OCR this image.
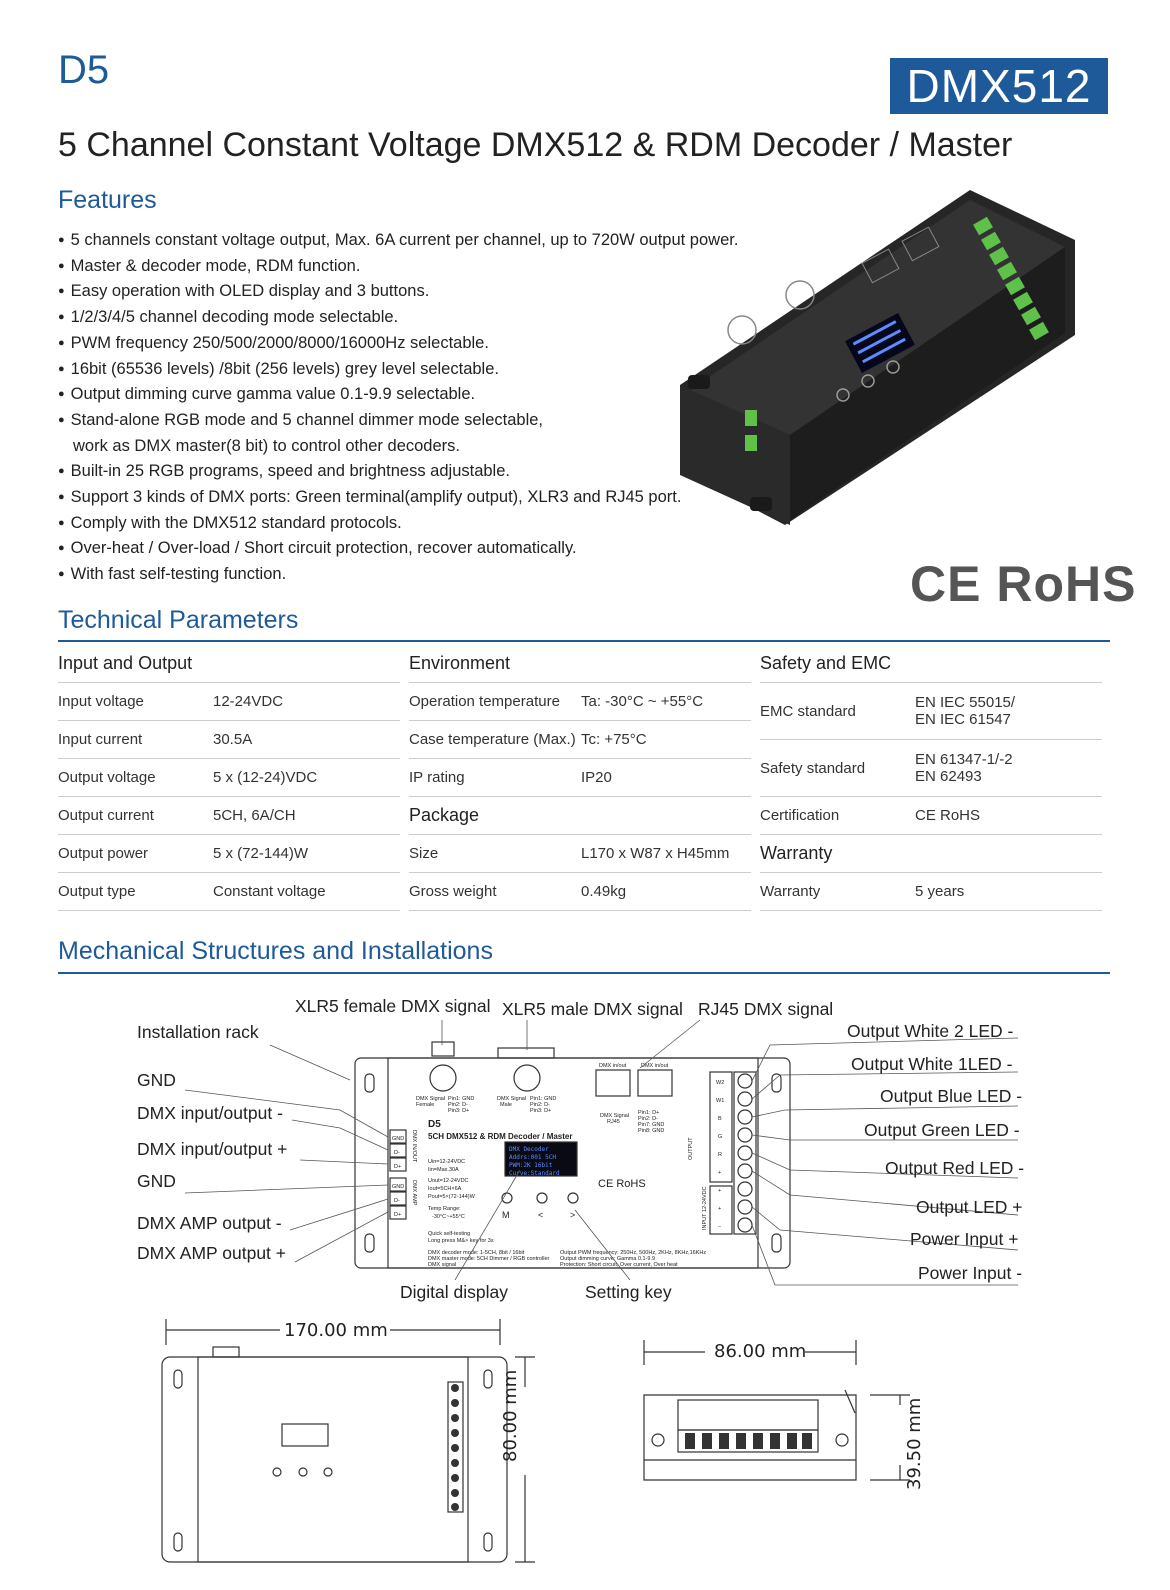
D5	DMX512
5 Channel Constant Voltage DMX512 & RDM Decoder / Master
Features
● 5 channels constant voltage output, Max. 6A current per channel, up to 720W output power.
● Master & decoder mode, RDM function.
● Easy operation with OLED display and 3 buttons.
● 1/2/3/4/5 channel decoding mode selectable.
● PWM frequency 250/500/2000/8000/16000Hz selectable.
● 16bit (65536 levels) /8bit (256 levels) grey level selectable.
● Output dimming curve gamma value 0.1-9.9 selectable.
● Stand-alone RGB mode and 5 channel dimmer mode selectable,
work as DMX master(8 bit) to control other decoders.
● Built-in 25 RGB programs, speed and brightness adjustable.
● Support 3 kinds of DMX ports: Green terminal(amplify output), XLR3 and RJ45 port.
● Comply with the DMX512 standard protocols.
● Over-heat / Over-load / Short circuit protection, recover automatically.
● With fast self-testing function.	CE RoHS
Technical Parameters
Input and Output
Input voltage	12-24VDC
Input current	30.5A
Output voltage	5 x (12-24)VDC
Output current	5CH, 6A/CH
Output power	5 x (72-144)W
Output type	Constant voltage
Environment
Operation temperature	Ta: -30°C ~ +55°C
Case temperature (Max.) Tc: +75°C
IP rating	IP20
Package
Size	L170 x W87 x H45mm
Gross weight	0.49kg
Safety and EMC
EMC standard	EN IEC 55015/
EN IEC 61547
Safety standard	EN 61347-1/-2
EN 62493
Certification	CE RoHS
Warranty
Warranty	5 years
Mechanical Structures and Installations
DMX Decoder
Addrs:001 5CH
PWM:2K 16bit
Curve:Standard
DMX Signal
Female
Pin1: GND
Pin2: D-
Pin3: D+
DMX Signal
Male
Pin1: GND
Pin2: D-
Pin3: D+
DMX Signal
RJ45
Pin1: D+
Pin2: D-
Pin7: GND
Pin8: GND
DMX in/out	DMX in/out
Uin=12-24VDC
Iin=Max.30A
Uout=12-24VDC
Iout=5CH×6A
Pout=5×(72-144)W
Temp Range:
-30°C~+55°C
Quick self-testing
Long press M&> key for 3s
DMX decoder mode: 1-5CH, 8bit / 16bit
DMX master mode: 5CH Dimmer / RGB controller
DMX signal
Output PWM frequency: 250Hz, 500Hz, 2KHz, 8KHz,16KHz
Output dimming curve: Gamma 0.1-9.9
Protection: Short circuit, Over current, Over heat
GND
D-
D+
GND
D-
D+
W2
W1
B
G
R
+
+
+
−
DMX IN/OUT
DMX AMP
OUTPUT
INPUT 12-24VDC
D5
5CH DMX512 & RDM Decoder / Master
CE RoHS
M	<	>
XLR5 female DMX signal XLR5 male DMX signal RJ45 DMX signal
Installation rack
GND
DMX input/output -
DMX input/output +
GND
DMX AMP output -
DMX AMP output +
Output White 2 LED -
Output White 1LED -
Output Blue LED -
Output Green LED -
Output Red LED -
Output LED +
Power Input +
Power Input -
Digital display	Setting key
170.00 mm
80.00 mm
86.00 mm
39.50 mm
